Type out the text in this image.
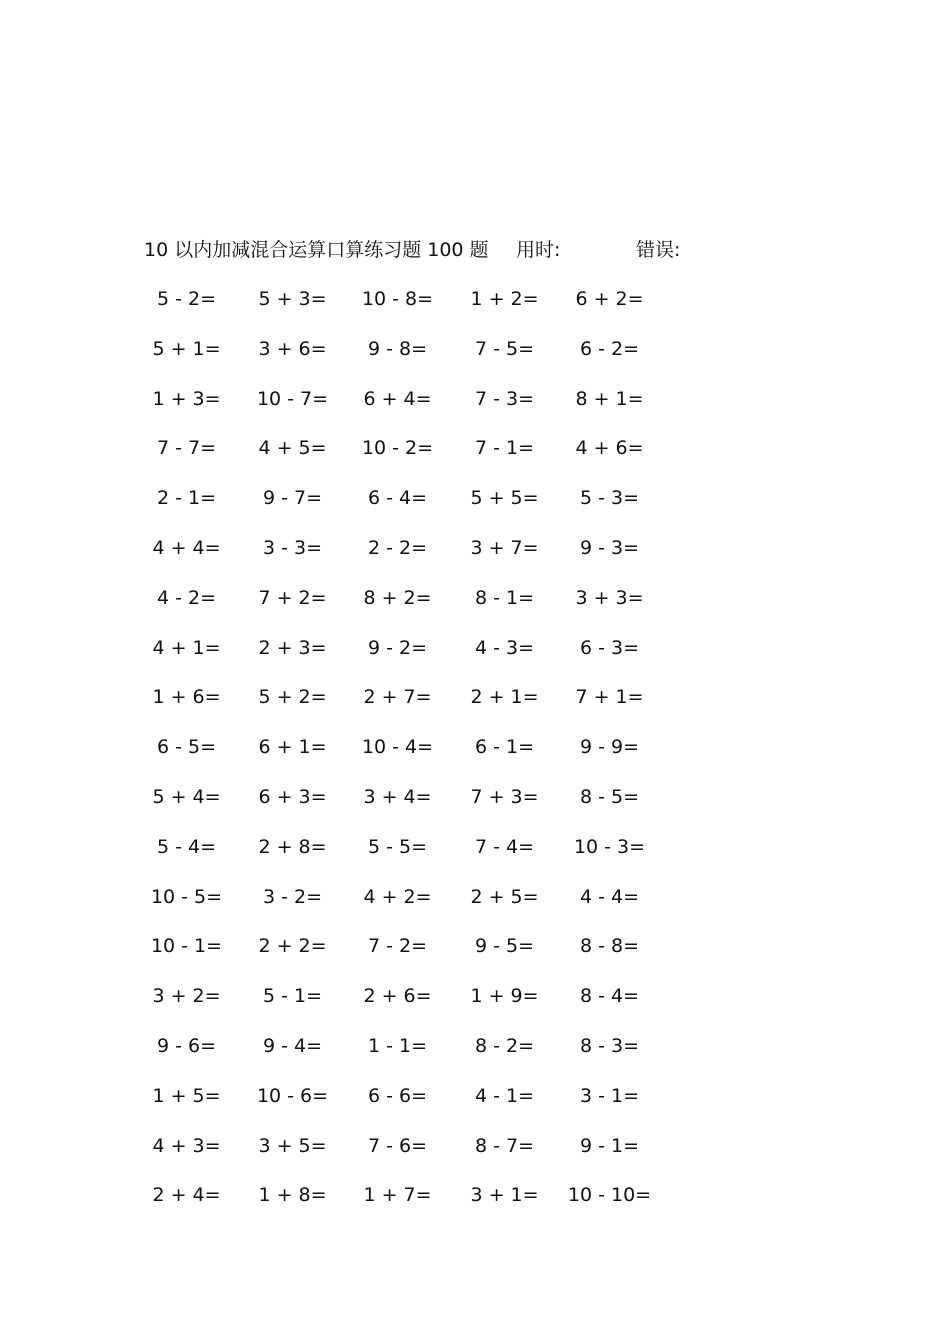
10 以内加减混合运算口算练习题 100 题 用时:	错误:
5 - 2=	5 + 3=	10 - 8=	1 + 2=	6 + 2=
5 + 1=	3 + 6=	9 - 8=	7 - 5=	6 - 2=
1 + 3=	10 - 7=	6 + 4=	7 - 3=	8 + 1=
7 - 7=	4 + 5=	10 - 2=	7 - 1=	4 + 6=
2 - 1=	9 - 7=	6 - 4=	5 + 5=	5 - 3=
4 + 4=	3 - 3=	2 - 2=	3 + 7=	9 - 3=
4 - 2=	7 + 2=	8 + 2=	8 - 1=	3 + 3=
4 + 1=	2 + 3=	9 - 2=	4 - 3=	6 - 3=
1 + 6=	5 + 2=	2 + 7=	2 + 1=	7 + 1=
6 - 5=	6 + 1=	10 - 4=	6 - 1=	9 - 9=
5 + 4=	6 + 3=	3 + 4=	7 + 3=	8 - 5=
5 - 4=	2 + 8=	5 - 5=	7 - 4=	10 - 3=
10 - 5=	3 - 2=	4 + 2=	2 + 5=	4 - 4=
10 - 1=	2 + 2=	7 - 2=	9 - 5=	8 - 8=
3 + 2=	5 - 1=	2 + 6=	1 + 9=	8 - 4=
9 - 6=	9 - 4=	1 - 1=	8 - 2=	8 - 3=
1 + 5=	10 - 6=	6 - 6=	4 - 1=	3 - 1=
4 + 3=	3 + 5=	7 - 6=	8 - 7=	9 - 1=
2 + 4=	1 + 8=	1 + 7=	3 + 1=	10 - 10=
